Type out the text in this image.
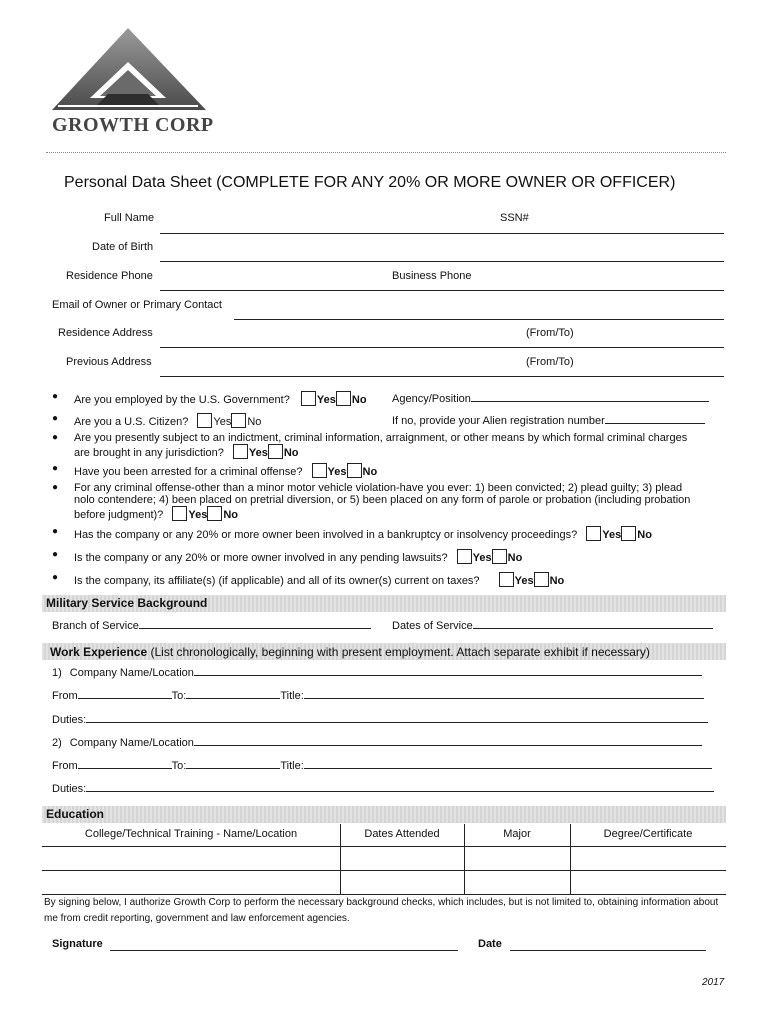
GROWTH CORP
Personal Data Sheet (COMPLETE FOR ANY 20% OR MORE OWNER OR OFFICER)
Full Name	SSN#
Date of Birth
Residence Phone	Business Phone
Email of Owner or Primary Contact
Residence Address	(From/To)
Previous Address	(From/To)
● Are you employed by the U.S. Government? Yes No	Agency/Position
● Are you a U.S. Citizen? Yes No	If no, provide your Alien registration number
● Are you presently subject to an indictment, criminal information, arraignment, or other means by which formal criminal charges
are brought in any jurisdiction? Yes No
● Have you been arrested for a criminal offense? Yes No
● For any criminal offense-other than a minor motor vehicle violation-have you ever: 1) been convicted; 2) plead guilty; 3) plead
nolo contendere; 4) been placed on pretrial diversion, or 5) been placed on any form of parole or probation (including probation
before judgment)? Yes No
● Has the company or any 20% or more owner been involved in a bankruptcy or insolvency proceedings? Yes No
● Is the company or any 20% or more owner involved in any pending lawsuits? Yes No
● Is the company, its affiliate(s) (if applicable) and all of its owner(s) current on taxes?	Yes No
Military Service Background
Branch of Service	Dates of Service
Work Experience (List chronologically, beginning with present employment. Attach separate exhibit if necessary)
1) Company Name/Location
From	To:	Title:
Duties:
2) Company Name/Location
From	To:	Title:
Duties:
Education
College/Technical Training - Name/Location	Dates Attended	Major	Degree/Certificate
By signing below, I authorize Growth Corp to perform the necessary background checks, which includes, but is not limited to, obtaining information about me from credit reporting, government and law enforcement agencies.
Signature	Date
2017
